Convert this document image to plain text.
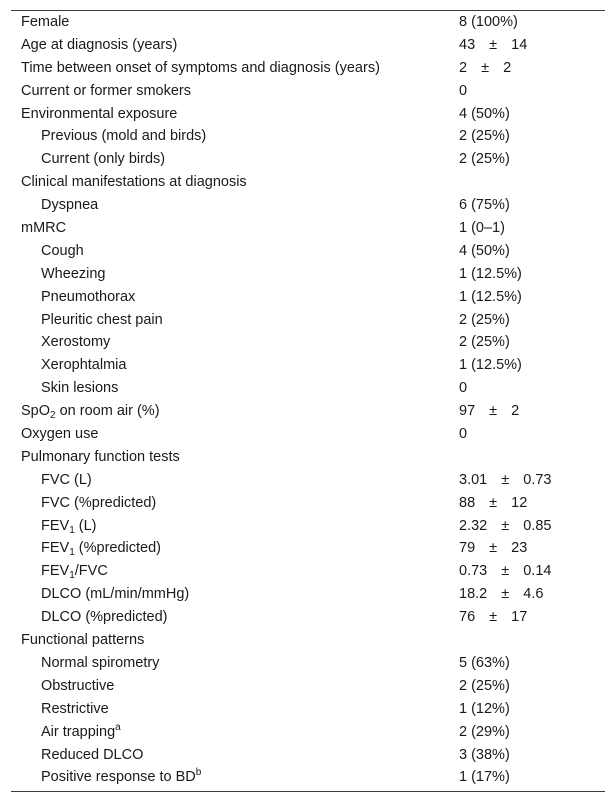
Female	8 (100%)
Age at diagnosis (years)	43 ± 14
Time between onset of symptoms and diagnosis (years)	2 ± 2
Current or former smokers	0
Environmental exposure	4 (50%)
Previous (mold and birds)	2 (25%)
Current (only birds)	2 (25%)
Clinical manifestations at diagnosis
Dyspnea	6 (75%)
mMRC	1 (0–1)
Cough	4 (50%)
Wheezing	1 (12.5%)
Pneumothorax	1 (12.5%)
Pleuritic chest pain	2 (25%)
Xerostomy	2 (25%)
Xerophtalmia	1 (12.5%)
Skin lesions	0
SpO$_2$ on room air (%)	97 ± 2
Oxygen use	0
Pulmonary function tests
FVC (L)	3.01 ± 0.73
FVC (%predicted)	88 ± 12
$FEV_1$ (L)	2.32 ± 0.85
$FEV_1$ (%predicted)	79 ± 23
$FEV_1$/FVC	0.73 ± 0.14
DLCO (mL/min/mmHg)	18.2 ± 4.6
DLCO (%predicted)	76 ± 17
Functional patterns
Normal spirometry	5 (63%)
Obstructive	2 (25%)
Restrictive	1 (12%)
Air trapping$^a$	2 (29%)
Reduced DLCO	3 (38%)
Positive response to $BD^b$	1 (17%)
